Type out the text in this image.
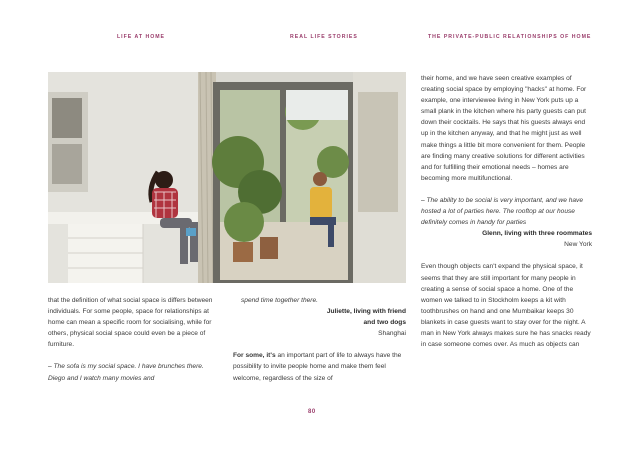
LIFE AT HOME	REAL LIFE STORIES	THE PRIVATE-PUBLIC RELATIONSHIPS OF HOME

that the definition of what social space is differs between individuals. For some people, space for relationships at home can mean a specific room for socialising, while for others, physical social space could even be a piece of furniture.

– The sofa is my social space. I have brunches there. Diego and I watch many movies and

spend time together there.

Juliette, living with friend

and two dogs

Shanghai

For some, it's an important part of life to always have the possibility to invite people home and make them feel welcome, regardless of the size of

their home, and we have seen creative examples of creating social space by employing "hacks" at home. For example, one interviewee living in New York puts up a small plank in the kitchen where his party guests can put down their cocktails. He says that his guests always end up in the kitchen anyway, and that he might just as well make things a little bit more convenient for them. People are finding many creative solutions for different activities and for fulfilling their emotional needs – homes are becoming more multifunctional.

– The ability to be social is very important, and we have hosted a lot of parties here. The rooftop at our house definitely comes in handy for parties

Glenn, living with three roommates

New York

Even though objects can't expand the physical space, it seems that they are still important for many people in creating a sense of social space a home. One of the women we talked to in Stockholm keeps a kit with toothbrushes on hand and one Mumbaikar keeps 30 blankets in case guests want to stay over for the night. A man in New York always makes sure he has snacks ready in case someone comes over. As much as objects can

80
